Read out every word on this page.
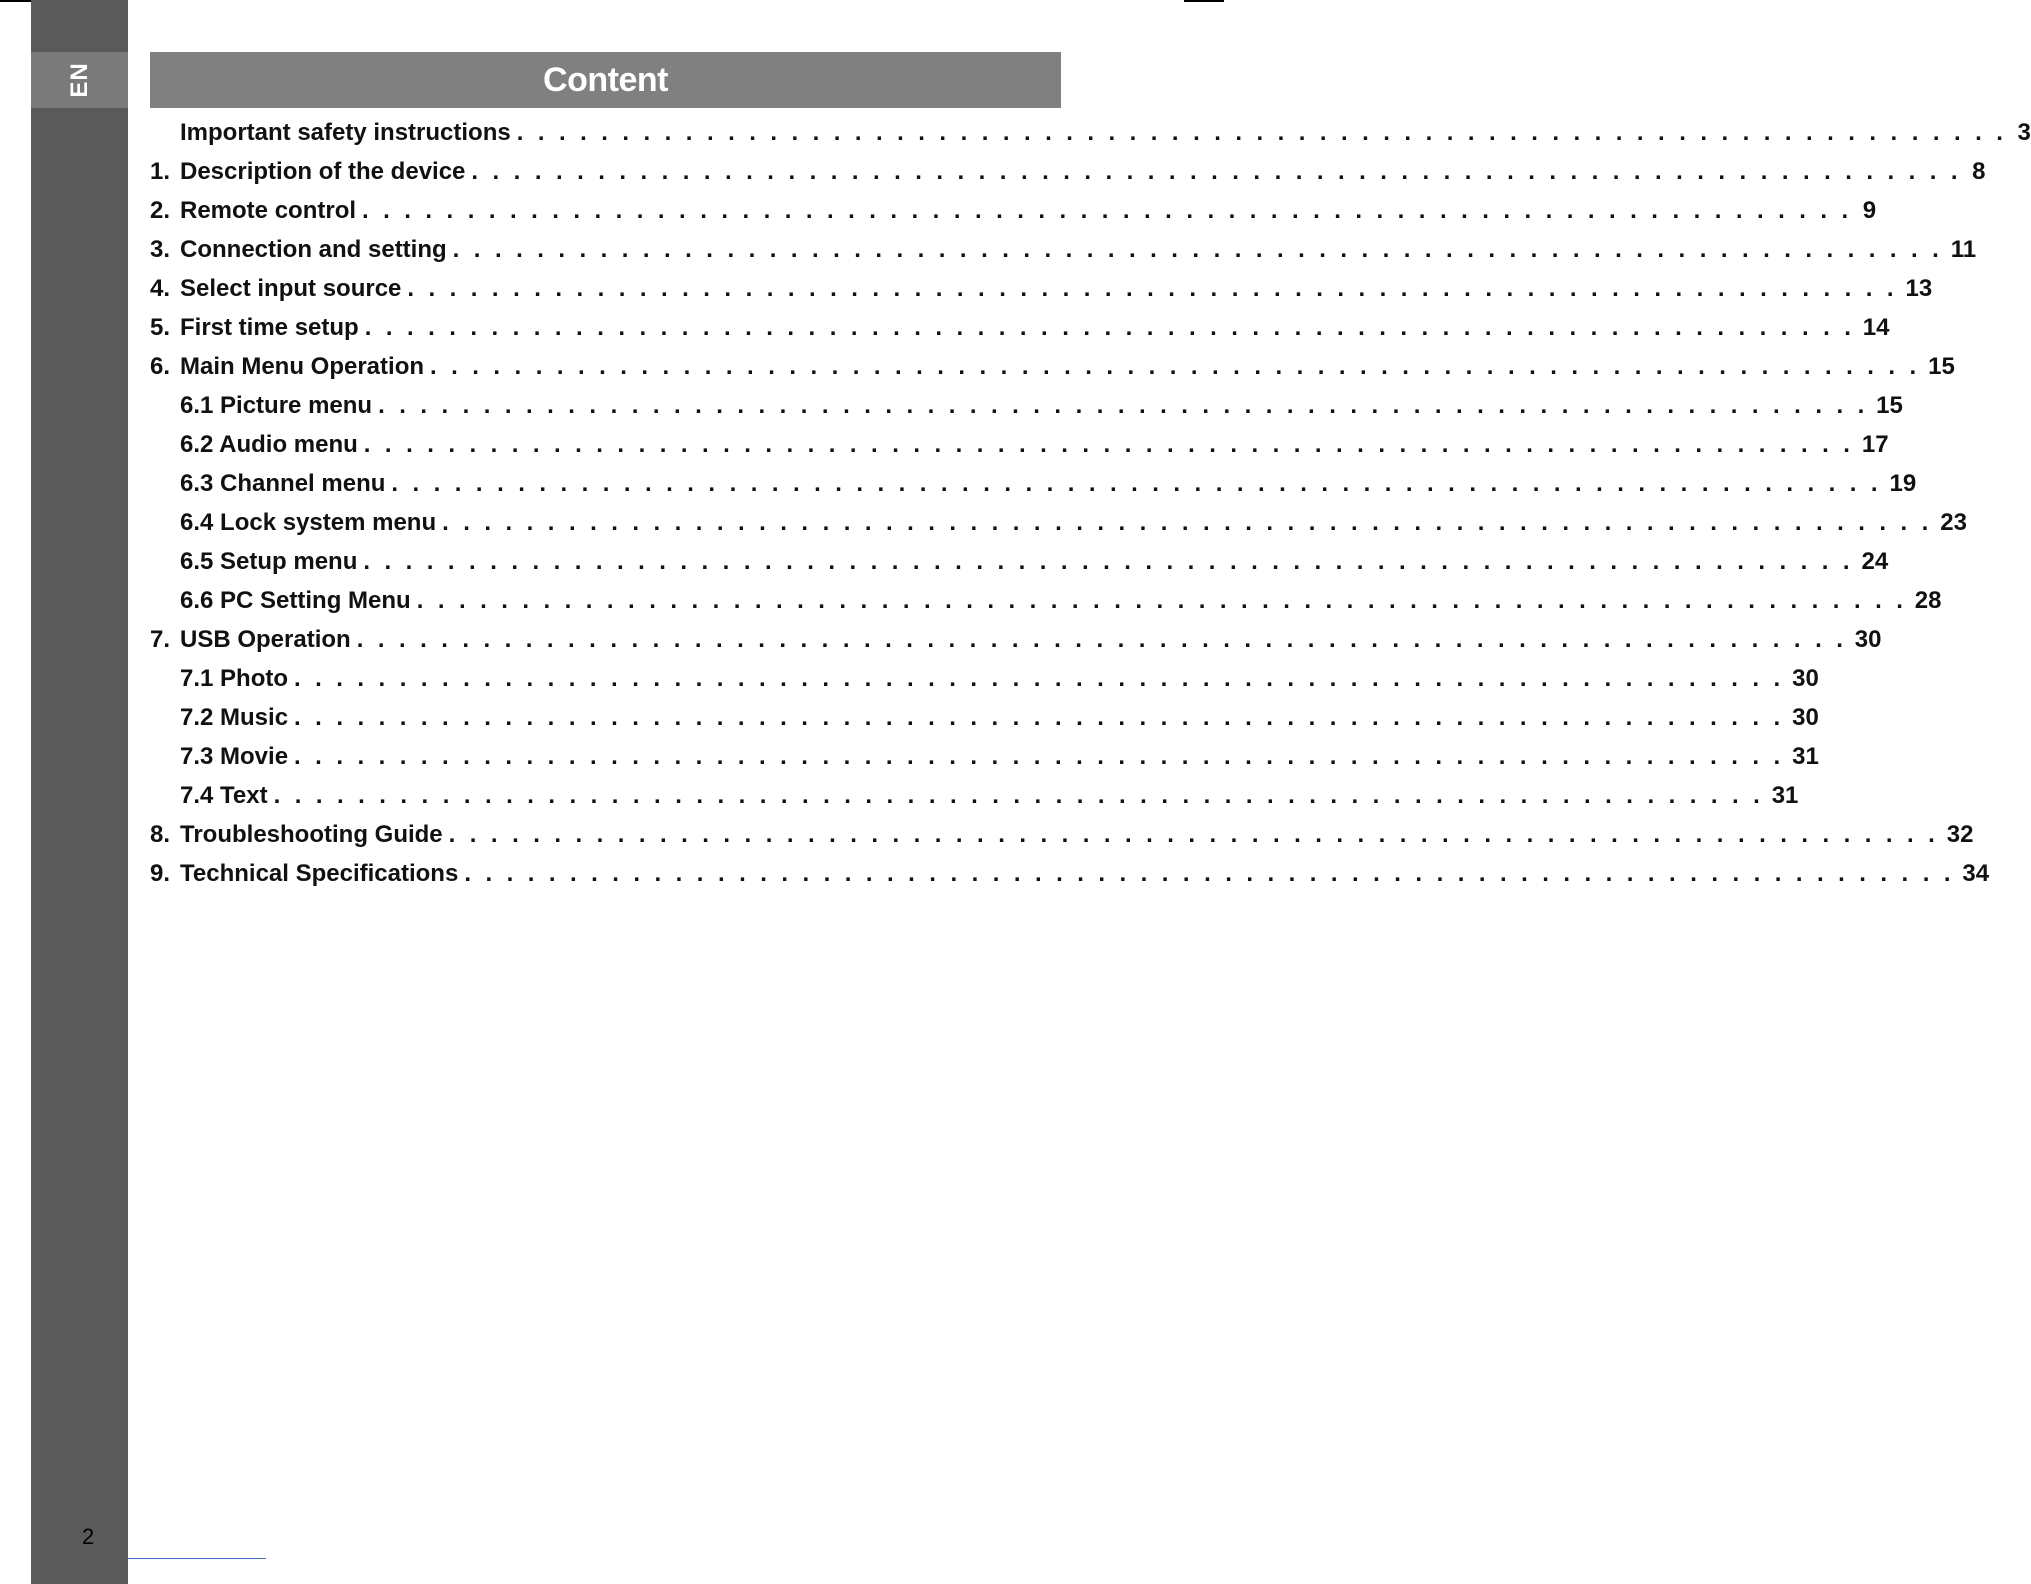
EN	Content
Important safety instructions . . . . . . . . . . . . . . . . . . . . . . . . . . . . . . . . . . . . . . . . . . . . . . . . . . . . . . . . . . . . . . . . . . . . . . . 3
1. Description of the device . . . . . . . . . . . . . . . . . . . . . . . . . . . . . . . . . . . . . . . . . . . . . . . . . . . . . . . . . . . . . . . . . . . . . . . 8
2. Remote control . . . . . . . . . . . . . . . . . . . . . . . . . . . . . . . . . . . . . . . . . . . . . . . . . . . . . . . . . . . . . . . . . . . . . . . 9
3. Connection and setting . . . . . . . . . . . . . . . . . . . . . . . . . . . . . . . . . . . . . . . . . . . . . . . . . . . . . . . . . . . . . . . . . . . . . . . 11
4. Select input source . . . . . . . . . . . . . . . . . . . . . . . . . . . . . . . . . . . . . . . . . . . . . . . . . . . . . . . . . . . . . . . . . . . . . . . 13
5. First time setup . . . . . . . . . . . . . . . . . . . . . . . . . . . . . . . . . . . . . . . . . . . . . . . . . . . . . . . . . . . . . . . . . . . . . . . 14
6. Main Menu Operation . . . . . . . . . . . . . . . . . . . . . . . . . . . . . . . . . . . . . . . . . . . . . . . . . . . . . . . . . . . . . . . . . . . . . . . 15
6.1 Picture menu . . . . . . . . . . . . . . . . . . . . . . . . . . . . . . . . . . . . . . . . . . . . . . . . . . . . . . . . . . . . . . . . . . . . . . . 15
6.2 Audio menu . . . . . . . . . . . . . . . . . . . . . . . . . . . . . . . . . . . . . . . . . . . . . . . . . . . . . . . . . . . . . . . . . . . . . . . 17
6.3 Channel menu . . . . . . . . . . . . . . . . . . . . . . . . . . . . . . . . . . . . . . . . . . . . . . . . . . . . . . . . . . . . . . . . . . . . . . . 19
6.4 Lock system menu . . . . . . . . . . . . . . . . . . . . . . . . . . . . . . . . . . . . . . . . . . . . . . . . . . . . . . . . . . . . . . . . . . . . . . . 23
6.5 Setup menu . . . . . . . . . . . . . . . . . . . . . . . . . . . . . . . . . . . . . . . . . . . . . . . . . . . . . . . . . . . . . . . . . . . . . . . 24
6.6 PC Setting Menu . . . . . . . . . . . . . . . . . . . . . . . . . . . . . . . . . . . . . . . . . . . . . . . . . . . . . . . . . . . . . . . . . . . . . . . 28
7. USB Operation . . . . . . . . . . . . . . . . . . . . . . . . . . . . . . . . . . . . . . . . . . . . . . . . . . . . . . . . . . . . . . . . . . . . . . . 30
7.1 Photo . . . . . . . . . . . . . . . . . . . . . . . . . . . . . . . . . . . . . . . . . . . . . . . . . . . . . . . . . . . . . . . . . . . . . . . 30
7.2 Music . . . . . . . . . . . . . . . . . . . . . . . . . . . . . . . . . . . . . . . . . . . . . . . . . . . . . . . . . . . . . . . . . . . . . . . 30
7.3 Movie . . . . . . . . . . . . . . . . . . . . . . . . . . . . . . . . . . . . . . . . . . . . . . . . . . . . . . . . . . . . . . . . . . . . . . . 31
7.4 Text . . . . . . . . . . . . . . . . . . . . . . . . . . . . . . . . . . . . . . . . . . . . . . . . . . . . . . . . . . . . . . . . . . . . . . . 31
8. Troubleshooting Guide . . . . . . . . . . . . . . . . . . . . . . . . . . . . . . . . . . . . . . . . . . . . . . . . . . . . . . . . . . . . . . . . . . . . . . . 32
9. Technical Specifications . . . . . . . . . . . . . . . . . . . . . . . . . . . . . . . . . . . . . . . . . . . . . . . . . . . . . . . . . . . . . . . . . . . . . . . 34
2
